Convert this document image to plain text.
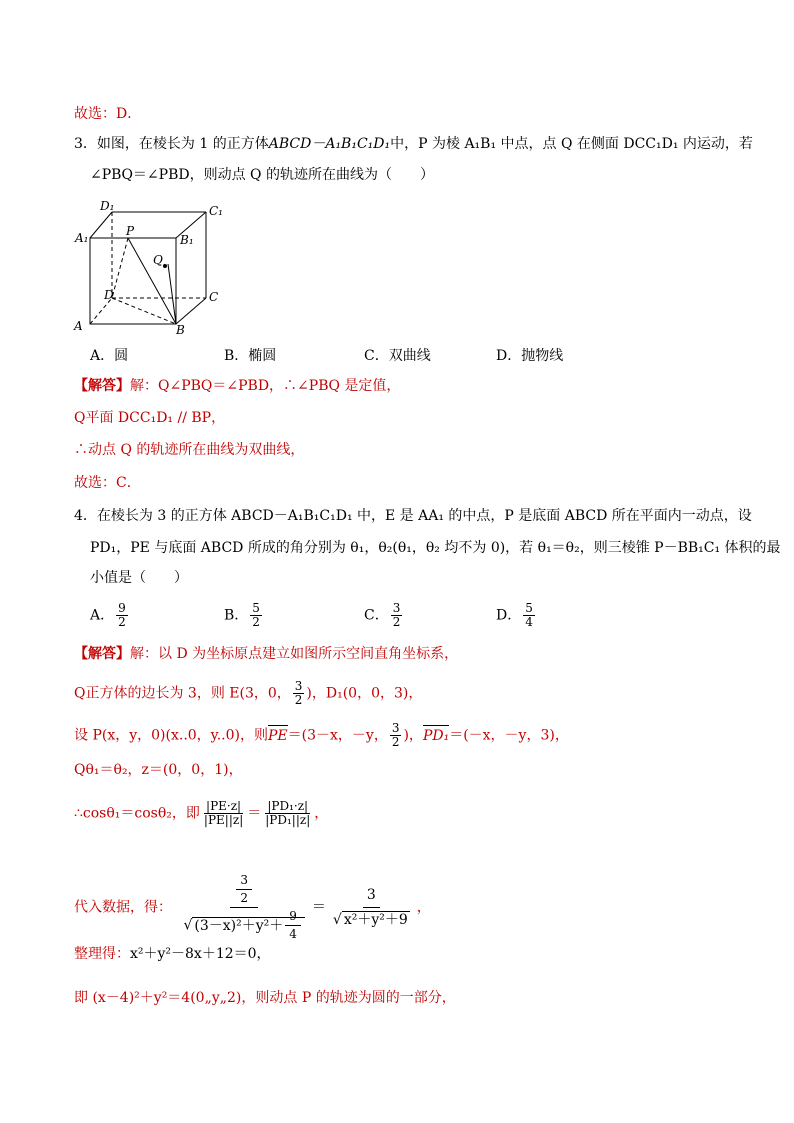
故选：D．
3．如图，在棱长为 1 的正方体ABCD－A₁B₁C₁D₁中，P 为棱 A₁B₁ 中点，点 Q 在侧面 DCC₁D₁ 内运动，若
∠PBQ＝∠PBD，则动点 Q 的轨迹所在曲线为（　　）
D₁	C₁
A₁	P
B₁
Q
D	C
A	B
A．圆	B．椭圆	C．双曲线	D．抛物线
【解答】解：Q∠PBQ＝∠PBD，∴∠PBQ 是定值，
Q平面 DCC₁D₁ // BP，
∴动点 Q 的轨迹所在曲线为双曲线，
故选：C．
4．在棱长为 3 的正方体 ABCD－A₁B₁C₁D₁ 中，E 是 AA₁ 的中点，P 是底面 ABCD 所在平面内一动点，设
PD₁，PE 与底面 ABCD 所成的角分别为 θ₁，θ₂(θ₁，θ₂ 均不为 0)，若 θ₁＝θ₂，则三棱锥 P－BB₁C₁ 体积的最
小值是（　　）
A． $\frac{9}{2}$	B． $\frac{5}{2}$	C． $\frac{3}{2}$	D． $\frac{5}{4}$
【解答】解：以 D 为坐标原点建立如图所示空间直角坐标系，
Q正方体的边长为 3，则 E(3，0， $\frac{3}{2}$ )，D₁(0，0，3)，
设 P(x，y，0)(x..0，y..0)，则PE＝(3－x，－y， $\frac{3}{2}$ )，PD₁＝(－x，－y，3)，
Qθ₁＝θ₂，z＝(0，0，1)，
∴cosθ₁＝cosθ₂，即 $\frac{|PE\cdot z|}{|PE||z|} = \frac{\text{|PD₁·z|}}{\text{|PD₁||z|}}$ ，
代入数据，得： $\frac{\frac{3}{2}}{√ (3-x)^2+y^2+ \frac{9}{4}} = \frac{3}{\text{√ x²＋y²＋9}}$ ，
整理得：x²＋y²－8x＋12＝0，
即 (x－4)²＋y²＝4(0„y„2)，则动点 P 的轨迹为圆的一部分，
